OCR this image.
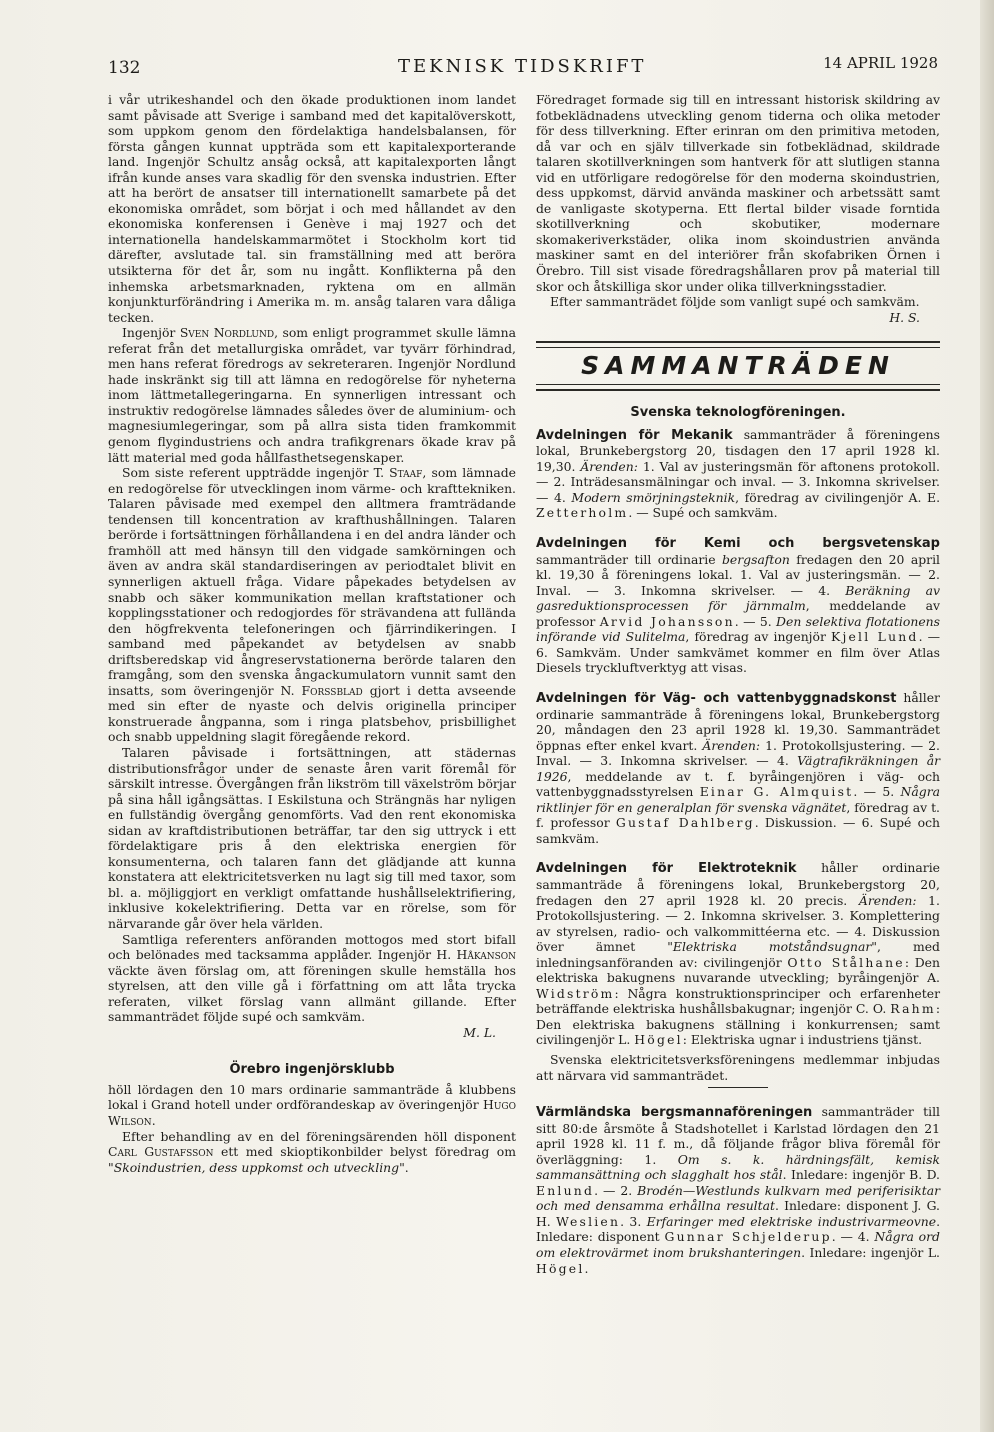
132	TEKNISK TIDSKRIFT	14 APRIL 1928

i vår utrikeshandel och den ökade produktionen inom landet samt påvisade att Sverige i samband med det kapitalöverskott, som uppkom genom den fördelaktiga handelsbalansen, för första gången kunnat uppträda som ett kapitalexporterande land. Ingenjör Schultz ansåg också, att kapitalexporten långt ifrån kunde anses vara skadlig för den svenska industrien. Efter att ha berört de ansatser till internationellt samarbete på det ekonomiska området, som börjat i och med hållandet av den ekonomiska konferensen i Genève i maj 1927 och det internationella handelskammarmötet i Stockholm kort tid därefter, avslutade tal. sin framställning med att beröra utsikterna för det år, som nu ingått. Konflikterna på den inhemska arbetsmarknaden, ryktena om en allmän konjunkturförändring i Amerika m. m. ansåg talaren vara dåliga tecken.

Ingenjör Sven Nordlund, som enligt programmet skulle lämna referat från det metallurgiska området, var tyvärr förhindrad, men hans referat föredrogs av sekreteraren. Ingenjör Nordlund hade inskränkt sig till att lämna en redogörelse för nyheterna inom lättmetallegeringarna. En synnerligen intressant och instruktiv redogörelse lämnades således över de aluminium- och magnesiumlegeringar, som på allra sista tiden framkommit genom flygindustriens och andra trafikgrenars ökade krav på lätt material med goda hållfasthetsegenskaper.

Som siste referent uppträdde ingenjör T. Staaf, som lämnade en redogörelse för utvecklingen inom värme- och krafttekniken. Talaren påvisade med exempel den alltmera framträdande tendensen till koncentration av krafthushållningen. Talaren berörde i fortsättningen förhållandena i en del andra länder och framhöll att med hänsyn till den vidgade samkörningen och även av andra skäl standardiseringen av periodtalet blivit en synnerligen aktuell fråga. Vidare påpekades betydelsen av snabb och säker kommunikation mellan kraftstationer och kopplingsstationer och redogjordes för strävandena att fulländа den högfrekventa telefoneringen och fjärrindikeringen. I samband med påpekandet av betydelsen av snabb driftsberedskap vid ångreservstationerna berörde talaren den framgång, som den svenska ångackumulatorn vunnit samt den insatts, som överingenjör N. Forssblad gjort i detta avseende med sin efter de nyaste och delvis originella principer konstruerade ångpanna, som i ringa platsbehov, prisbillighet och snabb uppeldning slagit föregående rekord.

Talaren påvisade i fortsättningen, att städernas distributionsfrågor under de senaste åren varit föremål för särskilt intresse. Övergången från likström till växelström börjar på sina håll igångsättas. I Eskilstuna och Strängnäs har nyligen en fullständig övergång genomförts. Vad den rent ekonomiska sidan av kraftdistributionen beträffar, tar den sig uttryck i ett fördelaktigare pris å den elektriska energien för konsumenterna, och talaren fann det glädjande att kunna konstatera att elektricitetsverken nu lagt sig till med taxor, som bl. a. möjliggjort en verkligt omfattande hushållselektrifiering, inklusive kokelektrifiering. Detta var en rörelse, som för närvarande går över hela världen.

Samtliga referenters anföranden mottogos med stort bifall och belönades med tacksamma applåder. Ingenjör H. Håkanson väckte även förslag om, att föreningen skulle hemställa hos styrelsen, att den ville gå i författning om att låta trycka referaten, vilket förslag vann allmänt gillande. Efter sammanträdet följde supé och samkväm.

M. L.

Örebro ingenjörsklubb

höll lördagen den 10 mars ordinarie sammanträde å klubbens lokal i Grand hotell under ordförandeskap av överingenjör Hugo Wilson.

Efter behandling av en del föreningsärenden höll disponent Carl Gustafsson ett med skioptikonbilder belyst föredrag om "Skoindustrien, dess uppkomst och utveckling".

Föredraget formade sig till en intressant historisk skildring av fotbeklädnadens utveckling genom tiderna och olika metoder för dess tillverkning. Efter erinran om den primitiva metoden, då var och en själv tillverkade sin fotbeklädnad, skildrade talaren skotillverkningen som hantverk för att slutligen stanna vid en utförligare redogörelse för den moderna skoindustrien, dess uppkomst, därvid använda maskiner och arbetssätt samt de vanligaste skotyperna. Ett flertal bilder visade forntida skotillverkning och skobutiker, modernare skomakeriverkstäder, olika inom skoindustrien använda maskiner samt en del interiörer från skofabriken Örnen i Örebro. Till sist visade föredragshållaren prov på material till skor och åtskilliga skor under olika tillverkningsstadier.

Efter sammanträdet följde som vanligt supé och samkväm.

H. S.

SAMMANTRÄDEN
Svenska teknologföreningen.

Avdelningen för Mekanik sammanträder å föreningens lokal, Brunkebergstorg 20, tisdagen den 17 april 1928 kl. 19,30. Ärenden: 1. Val av justeringsmän för aftonens protokoll. — 2. Inträdesansmälningar och inval. — 3. Inkomna skrivelser. — 4. Modern smörjningsteknik, föredrag av civilingenjör A. E. Zetterholm. — Supé och samkväm.

Avdelningen för Kemi och bergsvetenskap sammanträder till ordinarie bergsafton fredagen den 20 april kl. 19,30 å föreningens lokal. 1. Val av justeringsmän. — 2. Inval. — 3. Inkomna skrivelser. — 4. Beräkning av gasreduktionsprocessen för järnmalm, meddelande av professor Arvid Johansson. — 5. Den selektiva flotationens införande vid Sulitelma, föredrag av ingenjör Kjell Lund. — 6. Samkväm. Under samkvämet kommer en film över Atlas Diesels tryckluftverktyg att visas.

Avdelningen för Väg- och vattenbyggnadskonst håller ordinarie sammanträde å föreningens lokal, Brunkebergstorg 20, måndagen den 23 april 1928 kl. 19,30. Sammanträdet öppnas efter enkel kvart. Ärenden: 1. Protokollsjustering. — 2. Inval. — 3. Inkomna skrivelser. — 4. Vägtrafikräkningen år 1926, meddelande av t. f. byråingenjören i väg- och vattenbyggnadsstyrelsen Einar G. Almquist. — 5. Några riktlinjer för en generalplan för svenska vägnätet, föredrag av t. f. professor Gustaf Dahlberg. Diskussion. — 6. Supé och samkväm.

Avdelningen för Elektroteknik håller ordinarie sammanträde å föreningens lokal, Brunkebergstorg 20, fredagen den 27 april 1928 kl. 20 precis. Ärenden: 1. Protokollsjustering. — 2. Inkomna skrivelser. 3. Komplettering av styrelsen, radio- och valkommittéerna etc. — 4. Diskussion över ämnet "Elektriska motståndsugnar", med inledningsanföranden av: civilingenjör Otto Stålhane: Den elektriska bakugnens nuvarande utveckling; byråingenjör A. Widström: Några konstruktionsprinciper och erfarenheter beträffande elektriska hushållsbakugnar; ingenjör C. O. Rahm: Den elektriska bakugnens ställning i konkurrensen; samt civilingenjör L. Högel: Elektriska ugnar i industriens tjänst.

Svenska elektricitetsverksföreningens medlemmar inbjudas att närvara vid sammanträdet.

Värmländska bergsmannaföreningen sammanträder till sitt 80:de årsmöte å Stadshotellet i Karlstad lördagen den 21 april 1928 kl. 11 f. m., då följande frågor bliva föremål för överläggning: 1. Om s. k. härdningsfält, kemisk sammansättning och slagghalt hos stål. Inledare: ingenjör B. D. Enlund. — 2. Brodén—Westlunds kulkvarn med periferisiktar och med densamma erhållna resultat. Inledare: disponent J. G. H. Weslien. 3. Erfaringer med elektriske industrivarmeovne. Inledare: disponent Gunnar Schjelderup. — 4. Några ord om elektrovärmet inom brukshanteringen. Inledare: ingenjör L. Högel.
